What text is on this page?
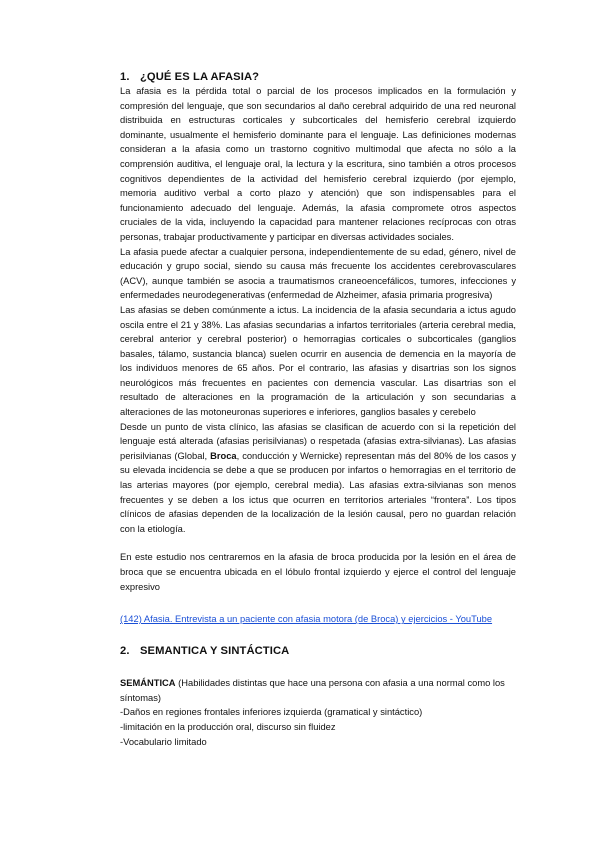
1. ¿QUÉ ES LA AFASIA?

La afasia es la pérdida total o parcial de los procesos implicados en la formulación y compresión del lenguaje, que son secundarios al daño cerebral adquirido de una red neuronal distribuida en estructuras corticales y subcorticales del hemisferio cerebral izquierdo dominante, usualmente el hemisferio dominante para el lenguaje. Las definiciones modernas consideran a la afasia como un trastorno cognitivo multimodal que afecta no sólo a la comprensión auditiva, el lenguaje oral, la lectura y la escritura, sino también a otros procesos cognitivos dependientes de la actividad del hemisferio cerebral izquierdo (por ejemplo, memoria auditivo verbal a corto plazo y atención) que son indispensables para el funcionamiento adecuado del lenguaje. Además, la afasia compromete otros aspectos cruciales de la vida, incluyendo la capacidad para mantener relaciones recíprocas con otras personas, trabajar productivamente y participar en diversas actividades sociales.

La afasia puede afectar a cualquier persona, independientemente de su edad, género, nivel de educación y grupo social, siendo su causa más frecuente los accidentes cerebrovasculares (ACV), aunque también se asocia a traumatismos craneoencefálicos, tumores, infecciones y enfermedades neurodegenerativas (enfermedad de Alzheimer, afasia primaria progresiva)

Las afasias se deben comúnmente a ictus. La incidencia de la afasia secundaria a ictus agudo oscila entre el 21 y 38%. Las afasias secundarias a infartos territoriales (arteria cerebral media, cerebral anterior y cerebral posterior) o hemorragias corticales o subcorticales (ganglios basales, tálamo, sustancia blanca) suelen ocurrir en ausencia de demencia en la mayoría de los individuos menores de 65 años. Por el contrario, las afasias y disartrias son los signos neurológicos más frecuentes en pacientes con demencia vascular. Las disartrias son el resultado de alteraciones en la programación de la articulación y son secundarias a alteraciones de las motoneuronas superiores e inferiores, ganglios basales y cerebelo

Desde un punto de vista clínico, las afasias se clasifican de acuerdo con si la repetición del lenguaje está alterada (afasias perisilvianas) o respetada (afasias extra-silvianas). Las afasias perisilvianas (Global, Broca, conducción y Wernicke) representan más del 80% de los casos y su elevada incidencia se debe a que se producen por infartos o hemorragias en el territorio de las arterias mayores (por ejemplo, cerebral media). Las afasias extra-silvianas son menos frecuentes y se deben a los ictus que ocurren en territorios arteriales “frontera”. Los tipos clínicos de afasias dependen de la localización de la lesión causal, pero no guardan relación con la etiología.

En este estudio nos centraremos en la afasia de broca producida por la lesión en el área de broca que se encuentra ubicada en el lóbulo frontal izquierdo y ejerce el control del lenguaje expresivo

(142) Afasia. Entrevista a un paciente con afasia motora (de Broca) y ejercicios - YouTube
2. SEMANTICA Y SINTÁCTICA

SEMÁNTICA (Habilidades distintas que hace una persona con afasia a una normal como los síntomas)

-Daños en regiones frontales inferiores izquierda (gramatical y sintáctico)

-limitación en la producción oral, discurso sin fluidez

-Vocabulario limitado
